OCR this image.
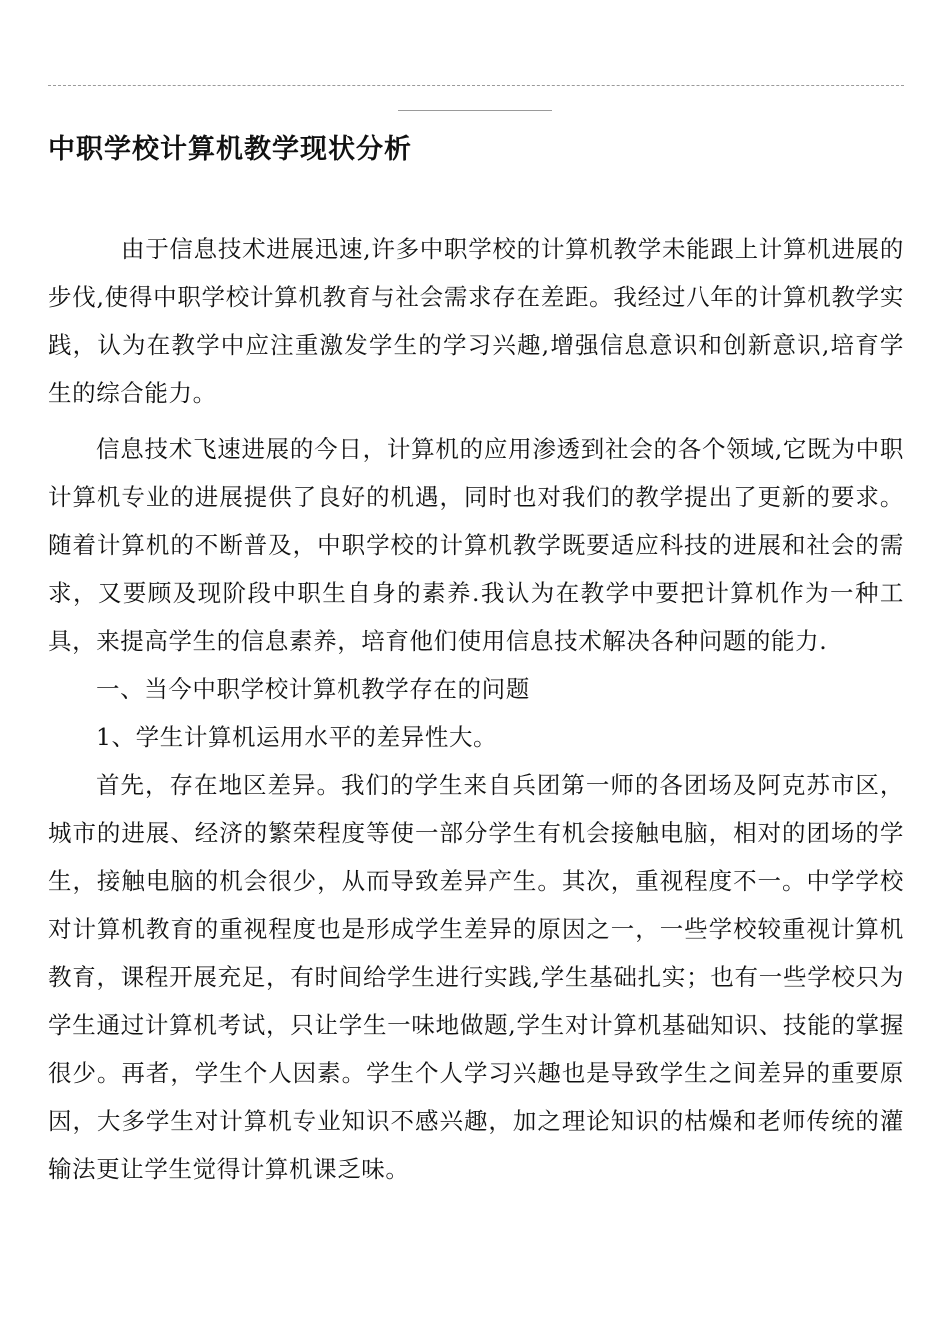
中职学校计算机教学现状分析

由于信息技术进展迅速,许多中职学校的计算机教学未能跟上计算机进展的步伐,使得中职学校计算机教育与社会需求存在差距。我经过八年的计算机教学实践，认为在教学中应注重激发学生的学习兴趣,增强信息意识和创新意识,培育学生的综合能力。

信息技术飞速进展的今日，计算机的应用渗透到社会的各个领域,它既为中职计算机专业的进展提供了良好的机遇，同时也对我们的教学提出了更新的要求。随着计算机的不断普及，中职学校的计算机教学既要适应科技的进展和社会的需求，又要顾及现阶段中职生自身的素养.我认为在教学中要把计算机作为一种工具，来提高学生的信息素养，培育他们使用信息技术解决各种问题的能力.

一、当今中职学校计算机教学存在的问题

1、学生计算机运用水平的差异性大。

首先，存在地区差异。我们的学生来自兵团第一师的各团场及阿克苏市区，城市的进展、经济的繁荣程度等使一部分学生有机会接触电脑，相对的团场的学生，接触电脑的机会很少，从而导致差异产生。其次，重视程度不一。中学学校对计算机教育的重视程度也是形成学生差异的原因之一，一些学校较重视计算机教育，课程开展充足，有时间给学生进行实践,学生基础扎实；也有一些学校只为学生通过计算机考试，只让学生一味地做题,学生对计算机基础知识、技能的掌握很少。再者，学生个人因素。学生个人学习兴趣也是导致学生之间差异的重要原因，大多学生对计算机专业知识不感兴趣，加之理论知识的枯燥和老师传统的灌输法更让学生觉得计算机课乏味。
